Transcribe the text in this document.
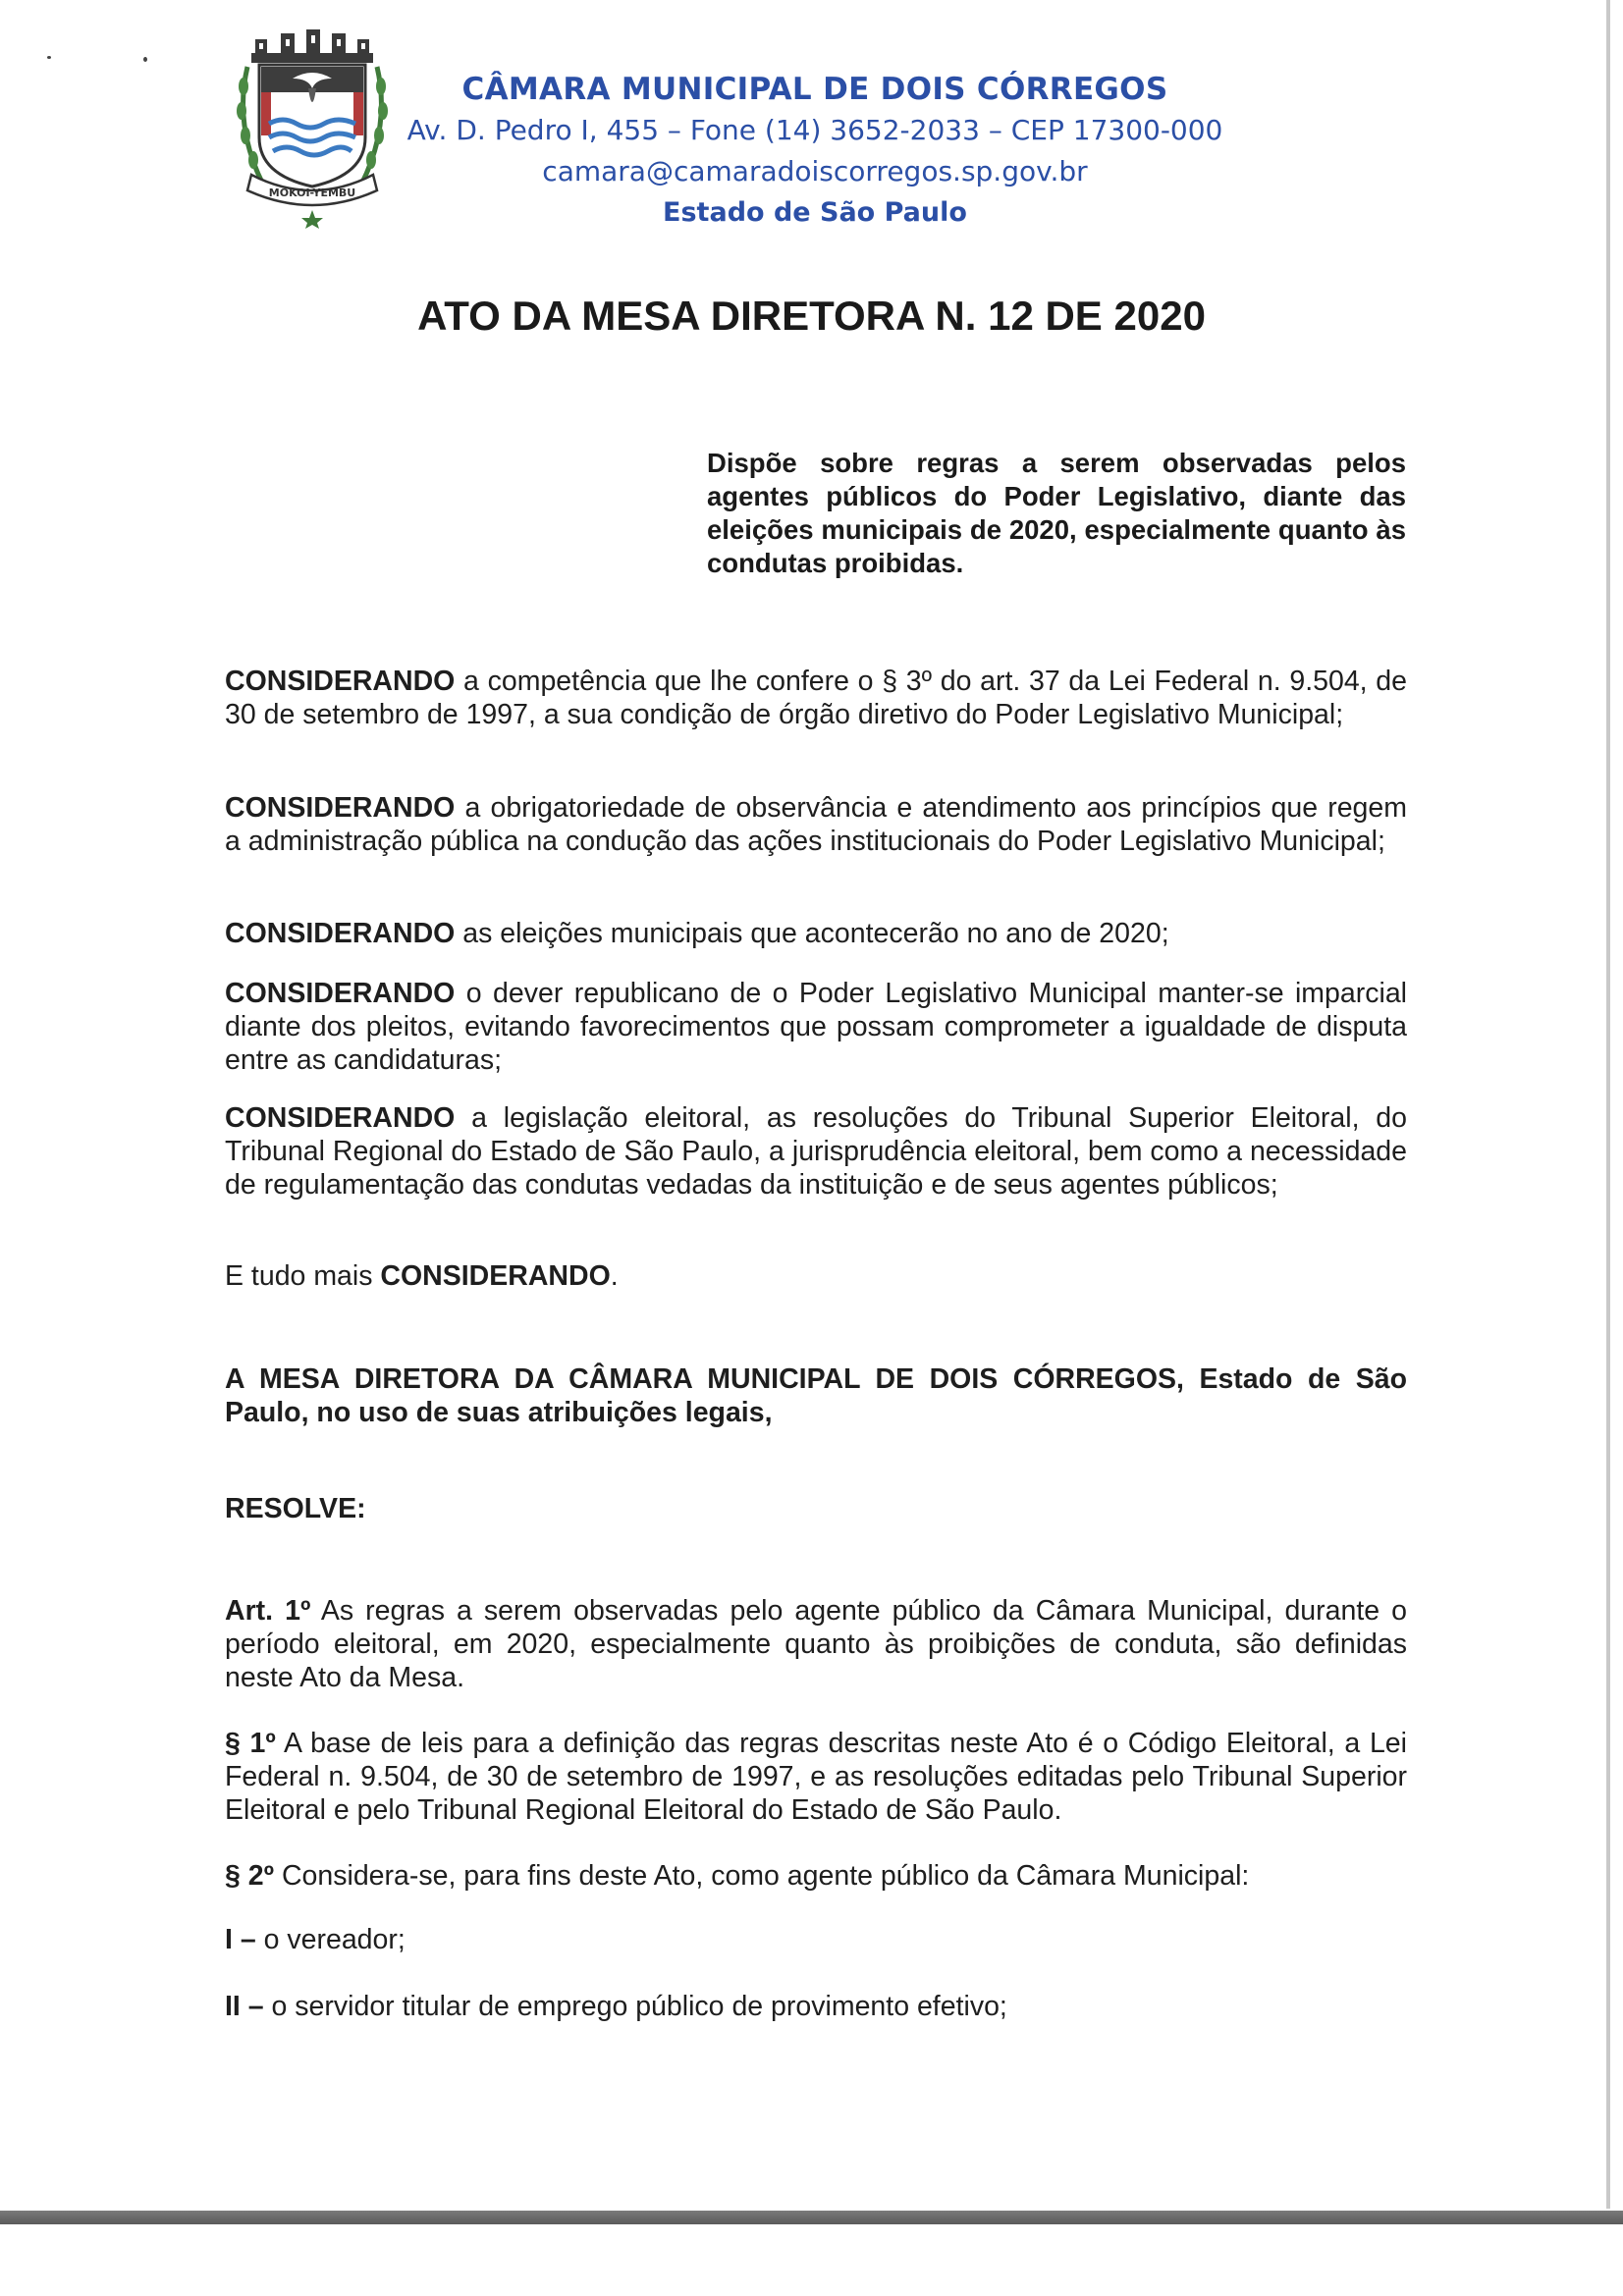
MOKOI-YEMBU
CÂMARA MUNICIPAL DE DOIS CÓRREGOS
Av. D. Pedro I, 455 – Fone (14) 3652-2033 – CEP 17300-000
camara@camaradoiscorregos.sp.gov.br
Estado de São Paulo
ATO DA MESA DIRETORA N. 12 DE 2020
Dispõe sobre regras a serem observadas pelos agentes públicos do Poder Legislativo, diante das eleições municipais de 2020, especialmente quanto às condutas proibidas.
CONSIDERANDO a competência que lhe confere o § 3º do art. 37 da Lei Federal n. 9.504, de 30 de setembro de 1997, a sua condição de órgão diretivo do Poder Legislativo Municipal;
CONSIDERANDO a obrigatoriedade de observância e atendimento aos princípios que regem a administração pública na condução das ações institucionais do Poder Legislativo Municipal;
CONSIDERANDO as eleições municipais que acontecerão no ano de 2020;
CONSIDERANDO o dever republicano de o Poder Legislativo Municipal manter-se imparcial diante dos pleitos, evitando favorecimentos que possam comprometer a igualdade de disputa entre as candidaturas;
CONSIDERANDO a legislação eleitoral, as resoluções do Tribunal Superior Eleitoral, do Tribunal Regional do Estado de São Paulo, a jurisprudência eleitoral, bem como a necessidade de regulamentação das condutas vedadas da instituição e de seus agentes públicos;
E tudo mais CONSIDERANDO.
A MESA DIRETORA DA CÂMARA MUNICIPAL DE DOIS CÓRREGOS, Estado de São Paulo, no uso de suas atribuições legais,
RESOLVE:
Art. 1º As regras a serem observadas pelo agente público da Câmara Municipal, durante o período eleitoral, em 2020, especialmente quanto às proibições de conduta, são definidas neste Ato da Mesa.
§ 1º A base de leis para a definição das regras descritas neste Ato é o Código Eleitoral, a Lei Federal n. 9.504, de 30 de setembro de 1997, e as resoluções editadas pelo Tribunal Superior Eleitoral e pelo Tribunal Regional Eleitoral do Estado de São Paulo.
§ 2º Considera-se, para fins deste Ato, como agente público da Câmara Municipal:
I – o vereador;
II – o servidor titular de emprego público de provimento efetivo;
